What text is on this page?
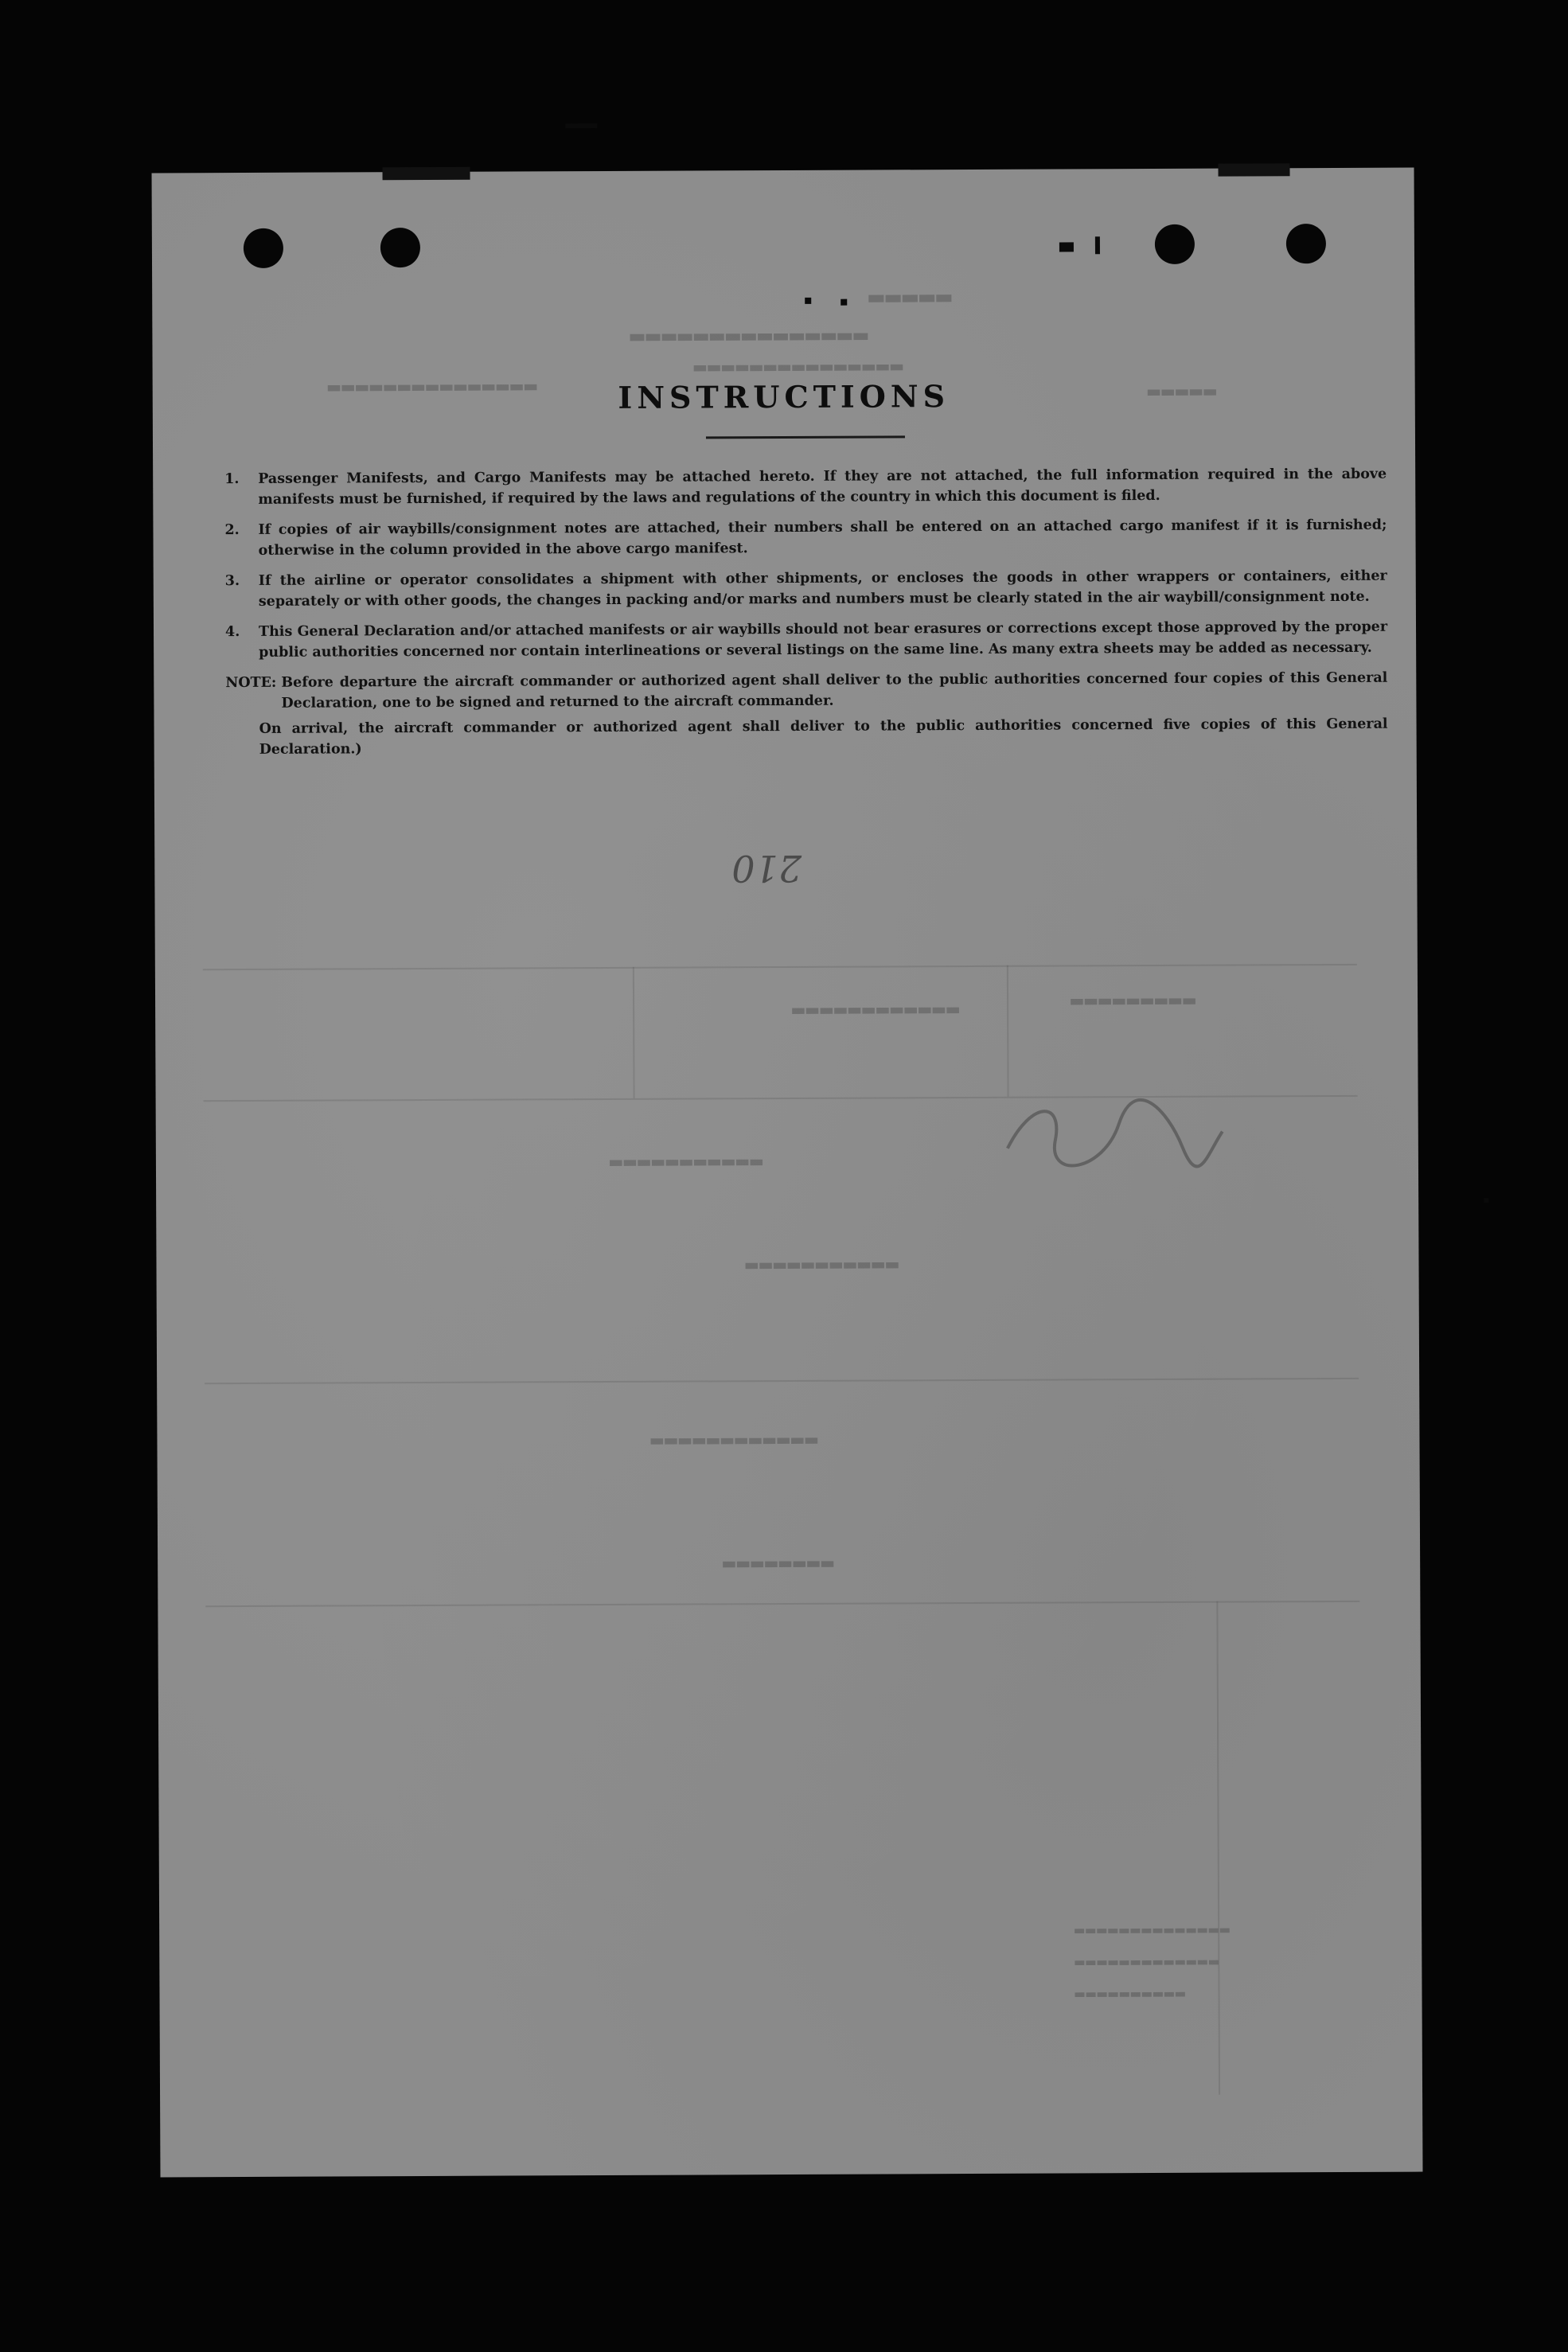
▬▬▬▬▬
▬▬▬▬▬▬▬▬▬▬▬▬▬▬▬
▬▬▬▬▬▬▬▬▬▬▬▬▬▬▬
▬▬▬▬▬
▬▬▬▬▬▬▬▬▬▬▬▬▬▬▬
▬▬▬▬▬▬▬▬▬▬▬▬	▬▬▬▬▬▬▬▬▬
▬▬▬▬▬▬▬▬▬▬▬
▬▬▬▬▬▬▬▬▬▬▬
▬▬▬▬▬▬▬▬▬▬▬▬
▬▬▬▬▬▬▬▬
▬▬▬▬▬▬▬▬▬▬▬▬▬▬
▬▬▬▬▬▬▬▬▬▬▬▬▬
▬▬▬▬▬▬▬▬▬▬
INSTRUCTIONS
1.	Passenger Manifests, and Cargo Manifests may be attached hereto. If they are not attached, the full information required in the above manifests must be furnished, if required by the laws and regulations of the country in which this document is filed.
2.	If copies of air waybills/consignment notes are attached, their numbers shall be entered on an attached cargo manifest if it is furnished; otherwise in the column provided in the above cargo manifest.
3.	If the airline or operator consolidates a shipment with other shipments, or encloses the goods in other wrappers or containers, either separately or with other goods, the changes in packing and/or marks and numbers must be clearly stated in the air waybill/consignment note.
4.	This General Declaration and/or attached manifests or air waybills should not bear erasures or corrections except those approved by the proper public authorities concerned nor contain interlineations or several listings on the same line. As many extra sheets may be added as necessary.
NOTE: Before departure the aircraft commander or authorized agent shall deliver to the public authorities concerned four copies of this General Declaration, one to be signed and returned to the aircraft commander.
On arrival, the aircraft commander or authorized agent shall deliver to the public authorities concerned five copies of this General Declaration.)
210
